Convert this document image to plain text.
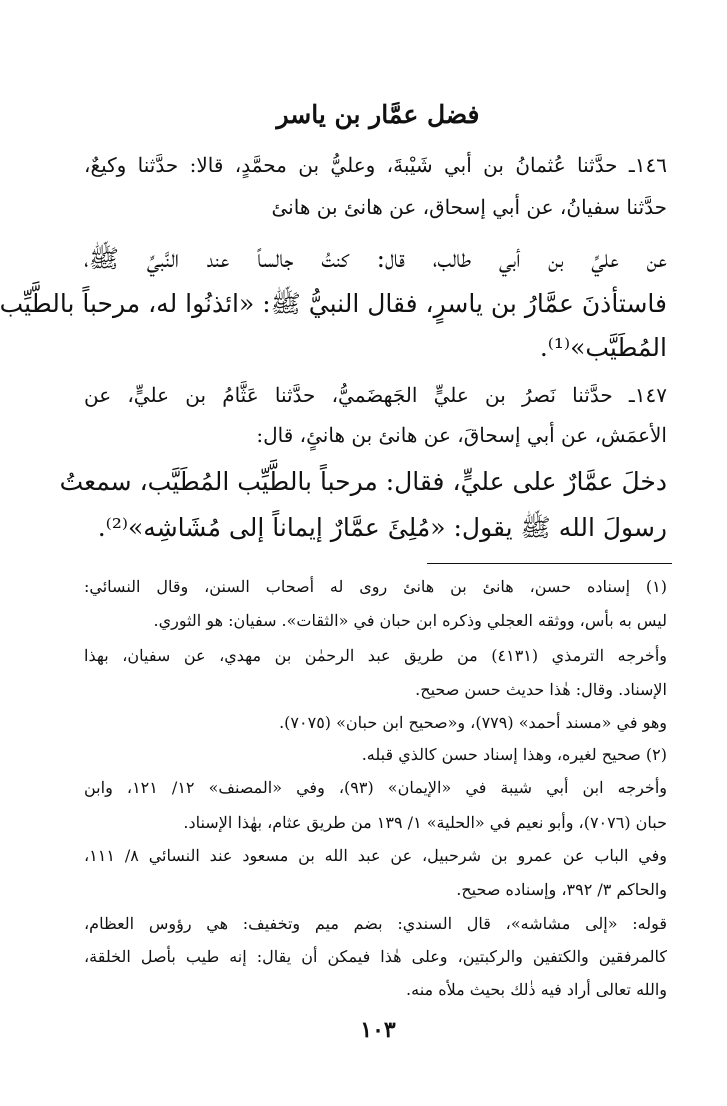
فضل عمَّار بن ياسر
١٤٦ـ حدَّثنا عُثمانُ بن أبي شَيْبةَ، وعليُّ بن محمَّدٍ، قالا: حدَّثنا وكيعٌ،
حدَّثنا سفيانُ، عن أبي إسحاق، عن هانئ بن هانئ
عن عليِّ بن أبي طالب، قال: كنتُ جالساً عند النَّبيِّ ﷺ،
فاستأذنَ عمَّارُ بن ياسرٍ، فقال النبيُّ ﷺ: «ائذنُوا له، مرحباً بالطَّيِّب
المُطَيَّب»⁽¹⁾.
١٤٧ـ حدَّثنا نَصرُ بن عليٍّ الجَهضَميُّ، حدَّثنا عَثَّامُ بن عليٍّ، عن
الأعمَش، عن أبي إسحاقَ، عن هانئ بن هانئٍ، قال:
دخلَ عمَّارٌ على عليٍّ، فقال: مرحباً بالطَّيِّب المُطَيَّب، سمعتُ
رسولَ الله ﷺ يقول: «مُلِئَ عمَّارٌ إيماناً إلى مُشَاشِه»⁽²⁾.
(١) إسناده حسن، هانئ بن هانئ روى له أصحاب السنن، وقال النسائي:
ليس به بأس، ووثقه العجلي وذكره ابن حبان في «الثقات». سفيان: هو الثوري.
وأخرجه الترمذي (٤١٣١) من طريق عبد الرحمٰن بن مهدي، عن سفيان، بهذا
الإسناد. وقال: هٰذا حديث حسن صحيح.
وهو في «مسند أحمد» (٧٧٩)، و«صحيح ابن حبان» (٧٠٧٥).
(٢) صحيح لغيره، وهذا إسناد حسن كالذي قبله.
وأخرجه ابن أبي شيبة في «الإيمان» (٩٣)، وفي «المصنف» ١٢/ ١٢١، وابن
حبان (٧٠٧٦)، وأبو نعيم في «الحلية» ١/ ١٣٩ من طريق عثام، بهٰذا الإسناد.
وفي الباب عن عمرو بن شرحبيل، عن عبد الله بن مسعود عند النسائي ٨/ ١١١،
والحاكم ٣/ ٣٩٢، وإسناده صحيح.
قوله: «إلى مشاشه»، قال السندي: بضم ميم وتخفيف: هي رؤوس العظام،
كالمرفقين والكتفين والركبتين، وعلى هٰذا فيمكن أن يقال: إنه طيب بأصل الخلقة،
والله تعالى أراد فيه ذٰلك بحيث ملأه منه.
١٠٣
